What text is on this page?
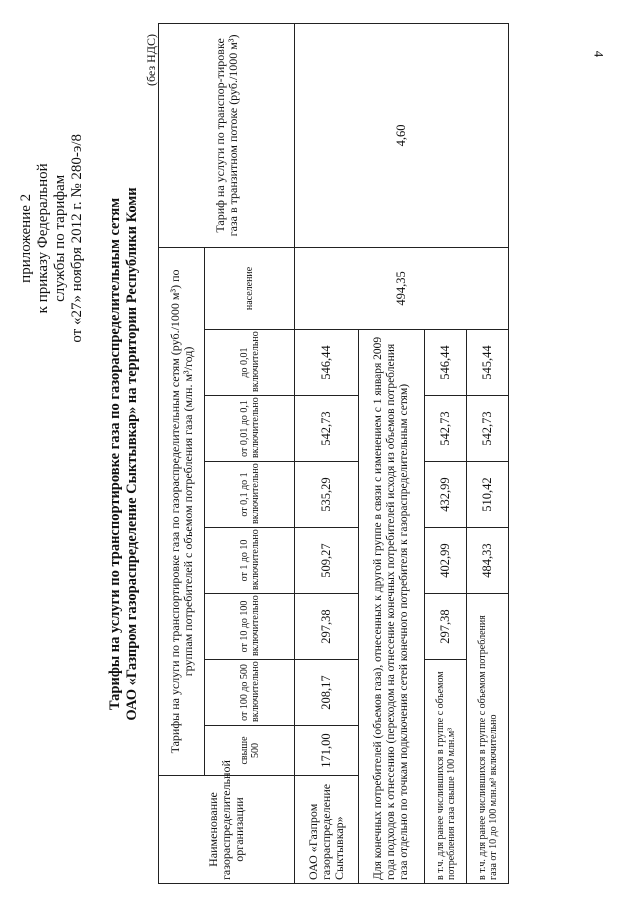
4
приложение 2 к приказу Федеральной службы по тарифам от «27» ноября 2012 г. № 280-э/8 Тарифы на услуги по транспортировке газа по газораспределительным сетям ОАО «Газпром газораспределение Сыктывкар» на территории Республики Коми
(без НДС)
Наименование газораспределительной организации	Тарифы на услуги по транспортировке газа по газораспределительным сетям (руб./1000 м³) по группам потребителей с объемом потребления газа (млн. м³/год)								Тариф на услуги по транспор-тировке газа в транзитном потоке (руб./1000 м³)
	свыше 500	от 100 до 500 включительно	от 10 до 100 включительно	от 1 до 10 включительно	от 0,1 до 1 включительно	от 0,01 до 0,1 включительно	до 0,01 включительно	население	
ОАО «Газпром газораспределение Сыктывкар»	171,00	208,17	297,38	509,27	535,29	542,73	546,44	494,35	4,60
Для конечных потребителей (объемов газа), отнесенных к другой группе в связи с изменением с 1 января 2009 года подходов к отнесению (переходом на отнесение конечных потребителей исходя из объемов потребления газа отдельно по точкам подключения сетей конечного потребителя к газораспределительным сетям)									
в т.ч. для ранее числившихся в группе с объемом потребления газа свыше 100 млн.м³			297,38	402,99	432,99	542,73	546,44		
в т.ч. для ранее числившихся в группе с объемом потребления газа от 10 до 100 млн.м³ включительно				484,33	510,42	542,73	545,44		
